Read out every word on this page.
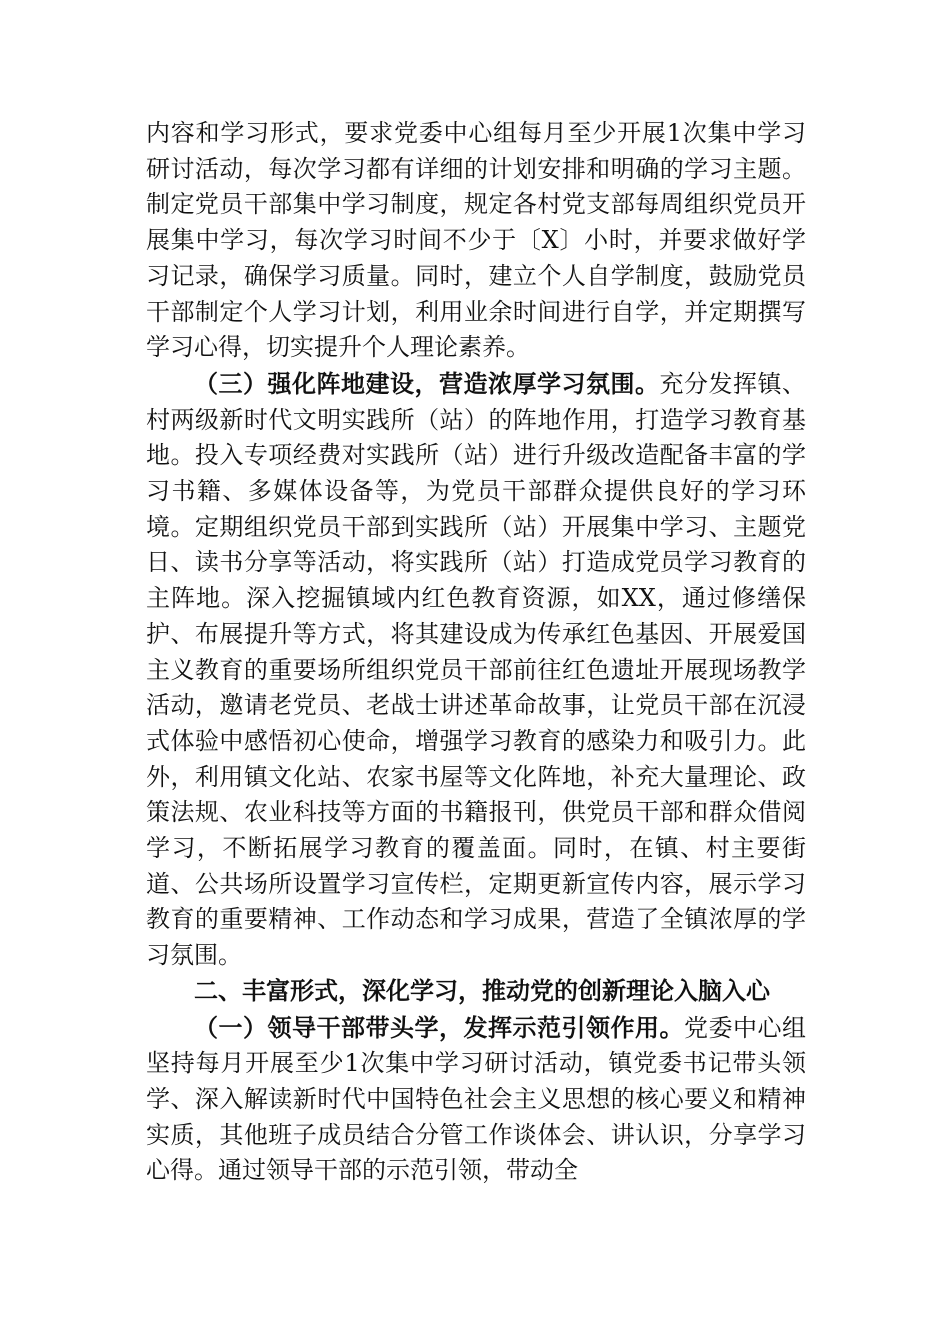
内容和学习形式，要求党委中心组每月至少开展1次集中学习研讨活动，每次学习都有详细的计划安排和明确的学习主题。制定党员干部集中学习制度，规定各村党支部每周组织党员开展集中学习，每次学习时间不少于〔X〕小时，并要求做好学习记录，确保学习质量。同时，建立个人自学制度，鼓励党员干部制定个人学习计划，利用业余时间进行自学，并定期撰写学习心得，切实提升个人理论素养。

（三）强化阵地建设，营造浓厚学习氛围。充分发挥镇、村两级新时代文明实践所（站）的阵地作用，打造学习教育基地。投入专项经费对实践所（站）进行升级改造配备丰富的学习书籍、多媒体设备等，为党员干部群众提供良好的学习环境。定期组织党员干部到实践所（站）开展集中学习、主题党日、读书分享等活动，将实践所（站）打造成党员学习教育的主阵地。深入挖掘镇域内红色教育资源，如XX，通过修缮保护、布展提升等方式，将其建设成为传承红色基因、开展爱国主义教育的重要场所组织党员干部前往红色遗址开展现场教学活动，邀请老党员、老战士讲述革命故事，让党员干部在沉浸式体验中感悟初心使命，增强学习教育的感染力和吸引力。此外，利用镇文化站、农家书屋等文化阵地，补充大量理论、政策法规、农业科技等方面的书籍报刊，供党员干部和群众借阅学习，不断拓展学习教育的覆盖面。同时，在镇、村主要街道、公共场所设置学习宣传栏，定期更新宣传内容，展示学习教育的重要精神、工作动态和学习成果，营造了全镇浓厚的学习氛围。

二、丰富形式，深化学习，推动党的创新理论入脑入心

（一）领导干部带头学，发挥示范引领作用。党委中心组坚持每月开展至少1次集中学习研讨活动，镇党委书记带头领学、深入解读新时代中国特色社会主义思想的核心要义和精神实质，其他班子成员结合分管工作谈体会、讲认识，分享学习心得。通过领导干部的示范引领，带动全
